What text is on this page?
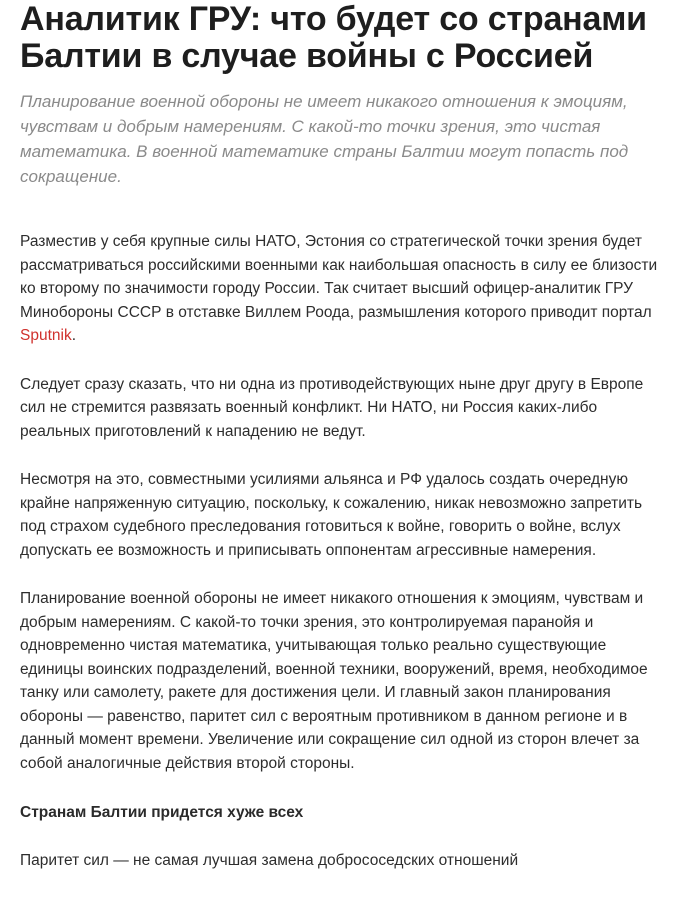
Аналитик ГРУ: что будет со странами Балтии в случае войны с Россией

Планирование военной обороны не имеет никакого отношения к эмоциям, чувствам и добрым намерениям. С какой-то точки зрения, это чистая математика. В военной математике страны Балтии могут попасть под сокращение.

Разместив у себя крупные силы НАТО, Эстония со стратегической точки зрения будет рассматриваться российскими военными как наибольшая опасность в силу ее близости ко второму по значимости городу России. Так считает высший офицер-аналитик ГРУ Минобороны СССР в отставке Виллем Роода, размышления которого приводит портал Sputnik.

Следует сразу сказать, что ни одна из противодействующих ныне друг другу в Европе сил не стремится развязать военный конфликт. Ни НАТО, ни Россия каких-либо реальных приготовлений к нападению не ведут.

Несмотря на это, совместными усилиями альянса и РФ удалось создать очередную крайне напряженную ситуацию, поскольку, к сожалению, никак невозможно запретить под страхом судебного преследования готовиться к войне, говорить о войне, вслух допускать ее возможность и приписывать оппонентам агрессивные намерения.

Планирование военной обороны не имеет никакого отношения к эмоциям, чувствам и добрым намерениям. С какой-то точки зрения, это контролируемая паранойя и одновременно чистая математика, учитывающая только реально существующие единицы воинских подразделений, военной техники, вооружений, время, необходимое танку или самолету, ракете для достижения цели. И главный закон планирования обороны — равенство, паритет сил с вероятным противником в данном регионе и в данный момент времени. Увеличение или сокращение сил одной из сторон влечет за собой аналогичные действия второй стороны.

Странам Балтии придется хуже всех

Паритет сил — не самая лучшая замена добрососедских отношений
